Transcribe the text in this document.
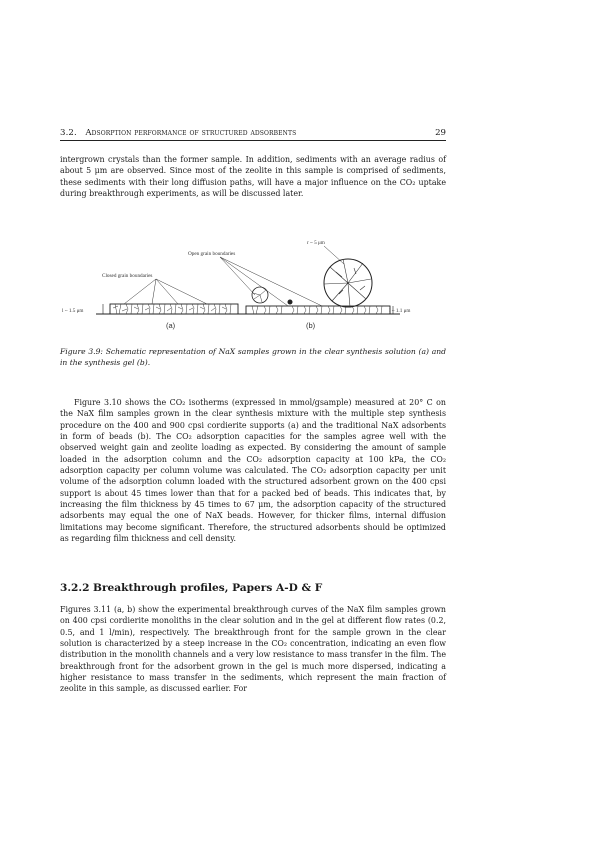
3.2. Adsorption performance of structured adsorbents	29

intergrown crystals than the former sample. In addition, sediments with an average radius of about 5 μm are observed. Since most of the zeolite in this sample is comprised of sediments, these sediments with their long diffusion paths, will have a major influence on the CO₂ uptake during breakthrough experiments, as will be discussed later.

r ~ 5 μm
Open grain boundaries
Closed grain boundaries
l ~ 1.5 μm	l ~ 1.1 μm
(a)	(b)

Figure 3.9: Schematic representation of NaX samples grown in the clear synthesis solution (a) and in the synthesis gel (b).

Figure 3.10 shows the CO₂ isotherms (expressed in mmol/gsample) measured at 20° C on the NaX film samples grown in the clear synthesis mixture with the multiple step synthesis procedure on the 400 and 900 cpsi cordierite supports (a) and the traditional NaX adsorbents in form of beads (b). The CO₂ adsorption capacities for the samples agree well with the observed weight gain and zeolite loading as expected. By considering the amount of sample loaded in the adsorption column and the CO₂ adsorption capacity at 100 kPa, the CO₂ adsorption capacity per column volume was calculated. The CO₂ adsorption capacity per unit volume of the adsorption column loaded with the structured adsorbent grown on the 400 cpsi support is about 45 times lower than that for a packed bed of beads. This indicates that, by increasing the film thickness by 45 times to 67 μm, the adsorption capacity of the structured adsorbents may equal the one of NaX beads. However, for thicker films, internal diffusion limitations may become significant. Therefore, the structured adsorbents should be optimized as regarding film thickness and cell density.

3.2.2 Breakthrough profiles, Papers A-D & F

Figures 3.11 (a, b) show the experimental breakthrough curves of the NaX film samples grown on 400 cpsi cordierite monoliths in the clear solution and in the gel at different flow rates (0.2, 0.5, and 1 l/min), respectively. The breakthrough front for the sample grown in the clear solution is characterized by a steep increase in the CO₂ concentration, indicating an even flow distribution in the monolith channels and a very low resistance to mass transfer in the film. The breakthrough front for the adsorbent grown in the gel is much more dispersed, indicating a higher resistance to mass transfer in the sediments, which represent the main fraction of zeolite in this sample, as discussed earlier. For
